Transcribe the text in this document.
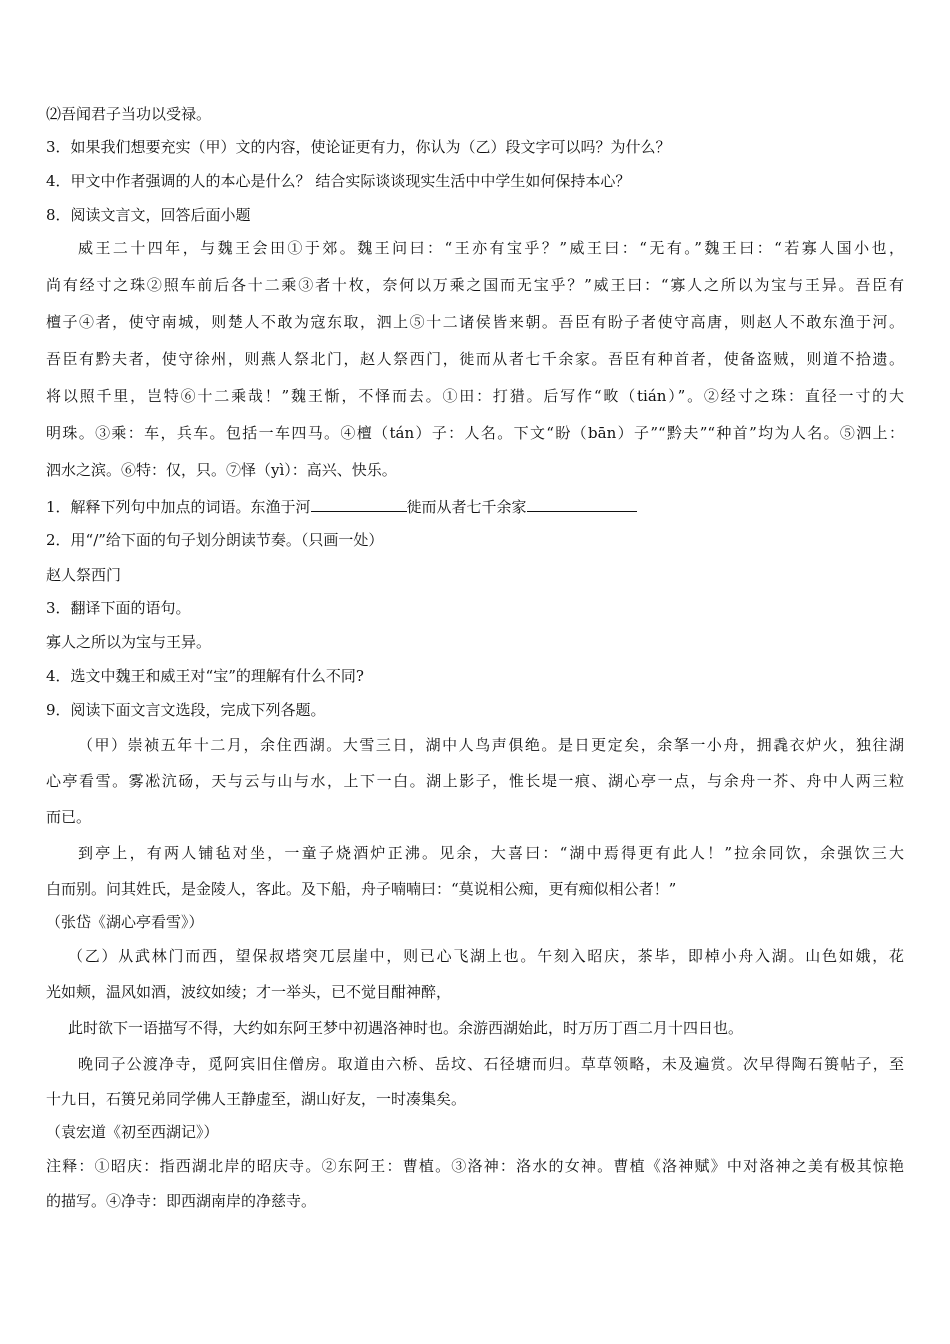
⑵吾闻君子当功以受禄。
3．如果我们想要充实（甲）文的内容，使论证更有力，你认为（乙）段文字可以吗？为什么？
4．甲文中作者强调的人的本心是什么？ 结合实际谈谈现实生活中中学生如何保持本心？
8．阅读文言文，回答后面小题
威王二十四年，与魏王会田①于郊。魏王问曰：“王亦有宝乎？”威王曰：“无有。”魏王曰：“若寡人国小也，
尚有经寸之珠②照车前后各十二乘③者十枚，奈何以万乘之国而无宝乎？”威王曰：“寡人之所以为宝与王异。吾臣有
檀子④者，使守南城，则楚人不敢为寇东取，泗上⑤十二诸侯皆来朝。吾臣有盼子者使守高唐，则赵人不敢东渔于河。
吾臣有黔夫者，使守徐州，则燕人祭北门，赵人祭西门，徙而从者七千余家。吾臣有种首者，使备盗贼，则道不拾遗。
将以照千里，岂特⑥十二乘哉！”魏王惭，不怿而去。①田：打猎。后写作“畋（tián）”。②经寸之珠：直径一寸的大
明珠。③乘：车，兵车。包括一车四马。④檀（tán）子：人名。下文“盼（bān）子”“黔夫”“种首”均为人名。⑤泗上：
泗水之滨。⑥特：仅，只。⑦怿（yì）：高兴、快乐。
1．解释下列句中加点的词语。东渔于河	徙而从者七千余家
2．用“/”给下面的句子划分朗读节奏。（只画一处）
赵人祭西门
3．翻译下面的语句。
寡人之所以为宝与王异。
4．选文中魏王和威王对“宝”的理解有什么不同?
9．阅读下面文言文选段，完成下列各题。
（甲）崇祯五年十二月，余住西湖。大雪三日，湖中人鸟声俱绝。是日更定矣，余拏一小舟，拥毳衣炉火，独往湖
心亭看雪。雾凇沆砀，天与云与山与水，上下一白。湖上影子，惟长堤一痕、湖心亭一点，与余舟一芥、舟中人两三粒
而已。
到亭上，有两人铺毡对坐，一童子烧酒炉正沸。见余，大喜曰：“湖中焉得更有此人！”拉余同饮，余强饮三大
白而别。问其姓氏，是金陵人，客此。及下船，舟子喃喃曰：“莫说相公痴，更有痴似相公者！”
（张岱《湖心亭看雪》）
（乙）从武林门而西，望保叔塔突兀层崖中，则已心飞湖上也。午刻入昭庆，茶毕，即棹小舟入湖。山色如娥，花
光如颊，温风如酒，波纹如绫；才一举头，已不觉目酣神醉，
此时欲下一语描写不得，大约如东阿王梦中初遇洛神时也。余游西湖始此，时万历丁酉二月十四日也。
晚同子公渡净寺，觅阿宾旧住僧房。取道由六桥、岳坟、石径塘而归。草草领略，未及遍赏。次早得陶石篑帖子，至
十九日，石篑兄弟同学佛人王静虚至，湖山好友，一时凑集矣。
（袁宏道《初至西湖记》）
注释：①昭庆：指西湖北岸的昭庆寺。②东阿王：曹植。③洛神：洛水的女神。曹植《洛神赋》中对洛神之美有极其惊艳
的描写。④净寺：即西湖南岸的净慈寺。
